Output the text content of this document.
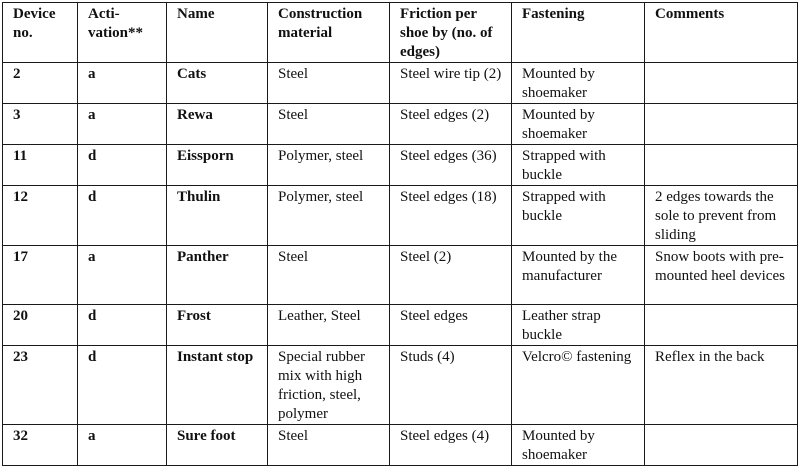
Device no.	Acti-vation**	Name	Construction material	Friction per shoe by (no. of edges)	Fastening	Comments
2	a	Cats	Steel	Steel wire tip (2)	Mounted by shoemaker	
3	a	Rewa	Steel	Steel edges (2)	Mounted by shoemaker	
11	d	Eissporn	Polymer, steel	Steel edges (36)	Strapped with buckle	
12	d	Thulin	Polymer, steel	Steel edges (18)	Strapped with buckle	2 edges towards the sole to prevent from sliding
17	a	Panther	Steel	Steel (2)	Mounted by the manufacturer	Snow boots with pre-mounted heel devices
20	d	Frost	Leather, Steel	Steel edges	Leather strap buckle	
23	d	Instant stop	Special rubber mix with high friction, steel, polymer	Studs (4)	Velcro© fastening	Reflex in the back
32	a	Sure foot	Steel	Steel edges (4)	Mounted by shoemaker	
